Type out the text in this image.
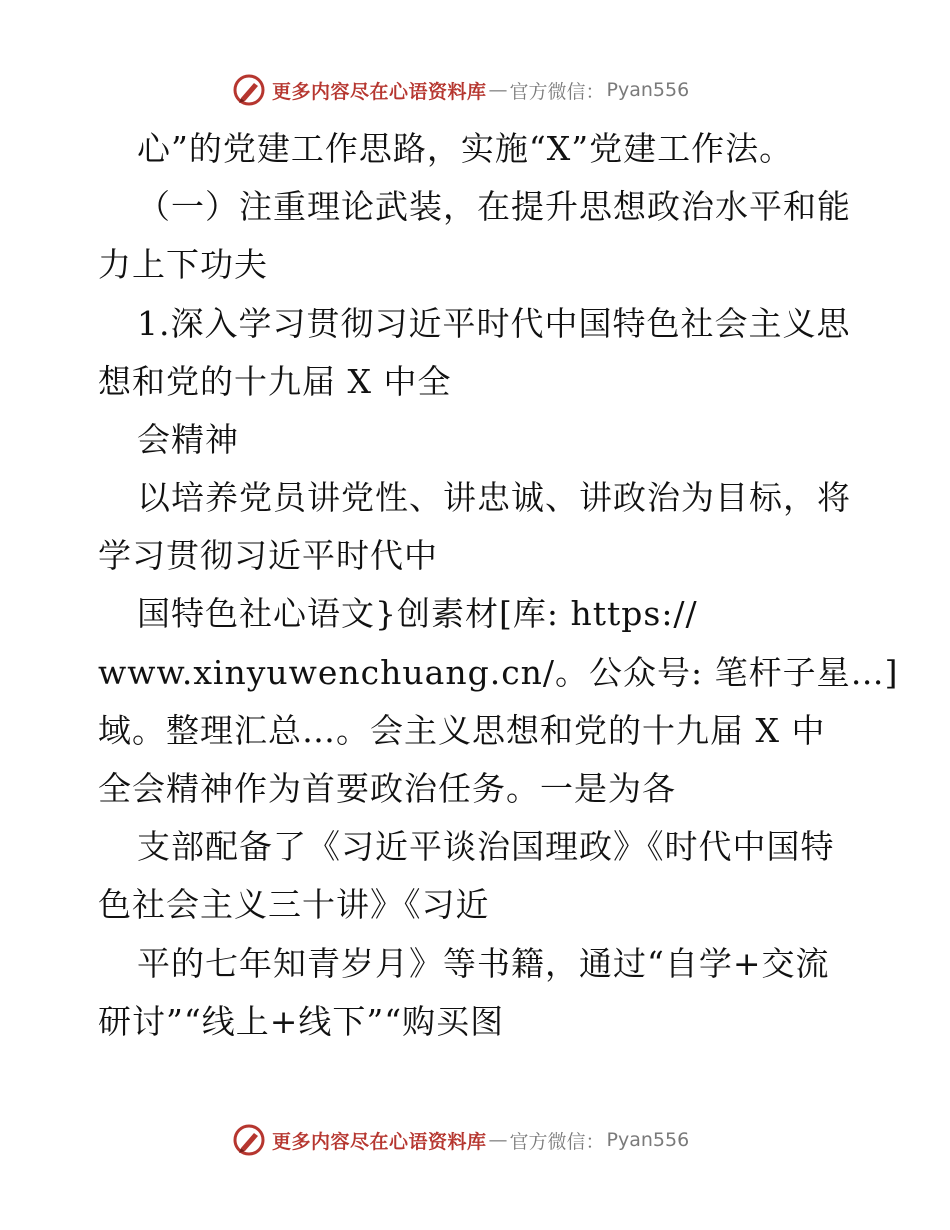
更多内容尽在心语资料库 — 官方微信： Pyan556
心”的党建工作思路，实施“X”党建工作法。
（一）注重理论武装，在提升思想政治水平和能
力上下功夫
1.深入学习贯彻习近平时代中国特色社会主义思
想和党的十九届 X 中全
会精神
以培养党员讲党性、讲忠诚、讲政治为目标，将
学习贯彻习近平时代中
国特色社心语文}创素材[库: https://
www.xinyuwenchuang.cn/。公众号: 笔杆子星…]
域。整理汇总…。会主义思想和党的十九届 X 中
全会精神作为首要政治任务。一是为各
支部配备了《习近平谈治国理政》《时代中国特
色社会主义三十讲》《习近
平的七年知青岁月》等书籍，通过“自学+交流
研讨”“线上+线下”“购买图
更多内容尽在心语资料库 — 官方微信： Pyan556
